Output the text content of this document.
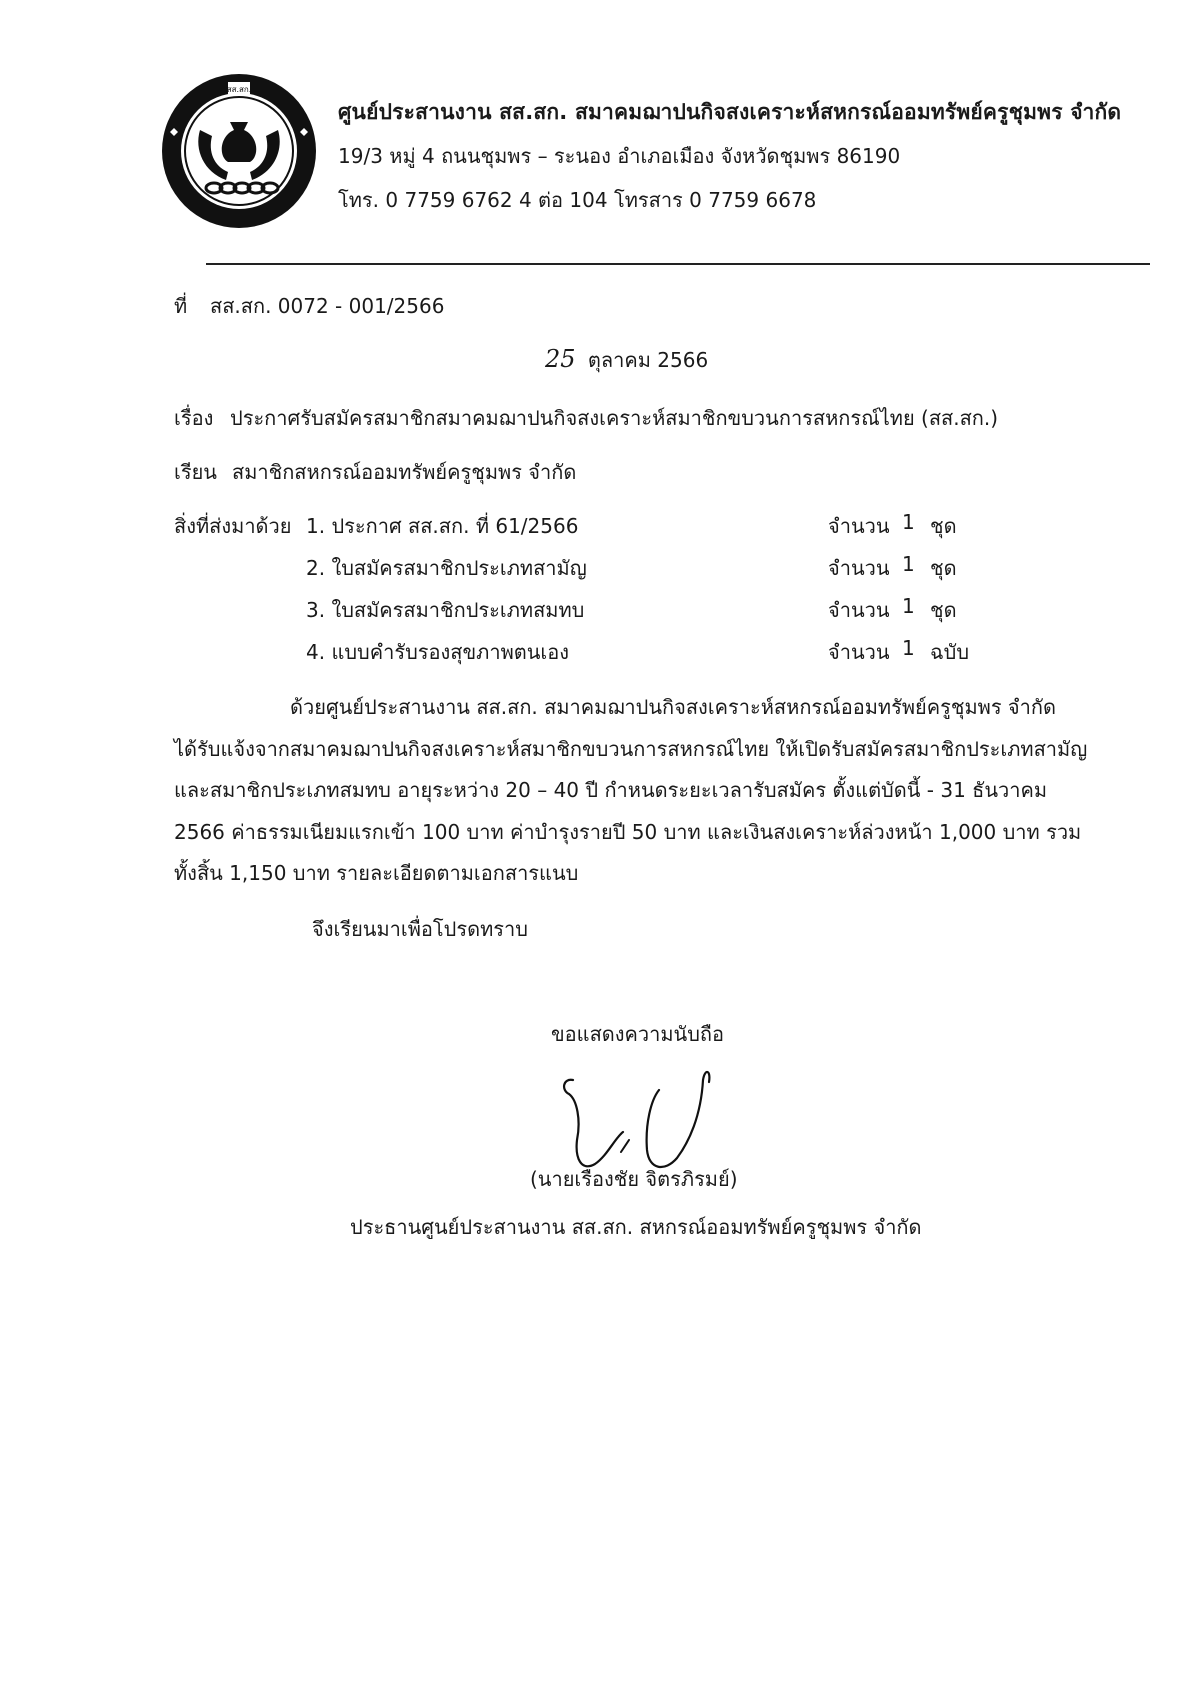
สส.สก.
ศูนย์ประสานงาน สส.สก. สมาคมฌาปนกิจสงเคราะห์สหกรณ์ออมทรัพย์ครูชุมพร จำกัด
19/3 หมู่ 4 ถนนชุมพร – ระนอง อำเภอเมือง จังหวัดชุมพร 86190
โทร. 0 7759 6762 4 ต่อ 104 โทรสาร 0 7759 6678
ที่ สส.สก. 0072 - 001/2566
25 ตุลาคม 2566
เรื่อง ประกาศรับสมัครสมาชิกสมาคมฌาปนกิจสงเคราะห์สมาชิกขบวนการสหกรณ์ไทย (สส.สก.)
เรียน สมาชิกสหกรณ์ออมทรัพย์ครูชุมพร จำกัด
สิ่งที่ส่งมาด้วย 1. ประกาศ สส.สก. ที่ 61/2566	จำนวน 1 ชุด
2. ใบสมัครสมาชิกประเภทสามัญ	จำนวน 1 ชุด
3. ใบสมัครสมาชิกประเภทสมทบ	จำนวน 1 ชุด
4. แบบคำรับรองสุขภาพตนเอง	จำนวน 1 ฉบับ

ด้วยศูนย์ประสานงาน สส.สก. สมาคมฌาปนกิจสงเคราะห์สหกรณ์ออมทรัพย์ครูชุมพร จำกัด

ได้รับแจ้งจากสมาคมฌาปนกิจสงเคราะห์สมาชิกขบวนการสหกรณ์ไทย ให้เปิดรับสมัครสมาชิกประเภทสามัญ

และสมาชิกประเภทสมทบ อายุระหว่าง 20 – 40 ปี กำหนดระยะเวลารับสมัคร ตั้งแต่บัดนี้ - 31 ธันวาคม

2566 ค่าธรรมเนียมแรกเข้า 100 บาท ค่าบำรุงรายปี 50 บาท และเงินสงเคราะห์ล่วงหน้า 1,000 บาท รวม

ทั้งสิ้น 1,150 บาท รายละเอียดตามเอกสารแนบ

จึงเรียนมาเพื่อโปรดทราบ
ขอแสดงความนับถือ
(นายเรืองชัย จิตรภิรมย์)
ประธานศูนย์ประสานงาน สส.สก. สหกรณ์ออมทรัพย์ครูชุมพร จำกัด
